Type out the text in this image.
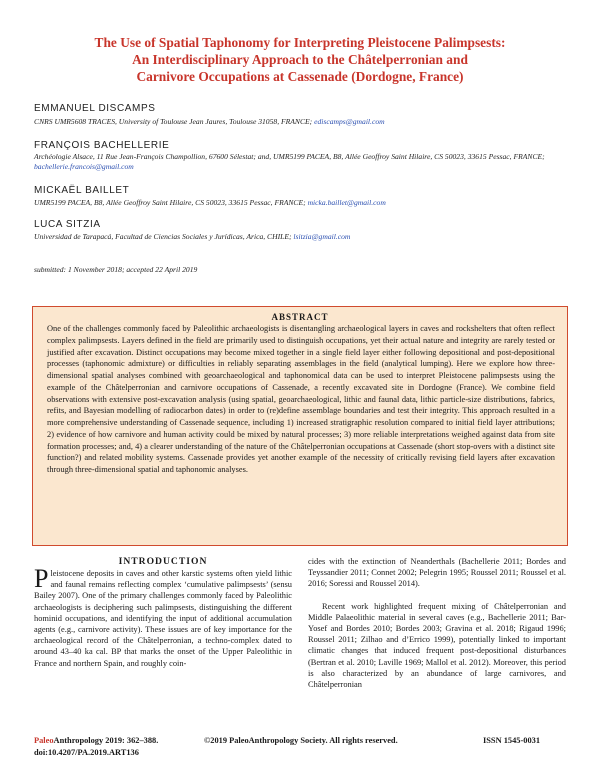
The Use of Spatial Taphonomy for Interpreting Pleistocene Palimpsests:
An Interdisciplinary Approach to the Châtelperronian and
Carnivore Occupations at Cassenade (Dordogne, France)
EMMANUEL DISCAMPS
CNRS UMR5608 TRACES, University of Toulouse Jean Jaures, Toulouse 31058, FRANCE; ediscamps@gmail.com
FRANÇOIS BACHELLERIE
Archéologie Alsace, 11 Rue Jean-François Champollion, 67600 Sélestat; and, UMR5199 PACEA, B8, Allée Geoffroy Saint Hilaire, CS 50023, 33615 Pessac, FRANCE; bachellerie.francois@gmail.com
MICKAËL BAILLET
UMR5199 PACEA, B8, Allée Geoffroy Saint Hilaire, CS 50023, 33615 Pessac, FRANCE; micka.baillet@gmail.com
LUCA SITZIA
Universidad de Tarapacá, Facultad de Ciencias Sociales y Jurídicas, Arica, CHILE; lsitzia@gmail.com
submitted: 1 November 2018; accepted 22 April 2019
ABSTRACT
One of the challenges commonly faced by Paleolithic archaeologists is disentangling archaeological layers in caves and rockshelters that often reflect complex palimpsests. Layers defined in the field are primarily used to distinguish occupations, yet their actual nature and integrity are rarely tested or justified after excavation. Distinct occupations may become mixed together in a single field layer either following depositional and post-depositional processes (taphonomic admixture) or difficulties in reliably separating assemblages in the field (analytical lumping). Here we explore how three-dimensional spatial analyses combined with geoarchaeological and taphonomical data can be used to interpret Pleistocene palimpsests using the example of the Châtelperronian and carnivore occupations of Cassenade, a recently excavated site in Dordogne (France). We combine field observations with extensive post-excavation analysis (using spatial, geoarchaeological, lithic and faunal data, lithic particle-size distributions, fabrics, refits, and Bayesian modelling of radiocarbon dates) in order to (re)define assemblage boundaries and test their integrity. This approach resulted in a more comprehensive understanding of Cassenade sequence, including 1) increased stratigraphic resolution compared to initial field layer attributions; 2) evidence of how carnivore and human activity could be mixed by natural processes; 3) more reliable interpretations weighed against data from site formation processes; and, 4) a clearer understanding of the nature of the Châtelperronian occupations at Cassenade (short stop-overs with a distinct site function?) and related mobility systems. Cassenade provides yet another example of the necessity of critically revising field layers after excavation through three-dimensional spatial and taphonomic analyses.
INTRODUCTION
Pleistocene deposits in caves and other karstic systems often yield lithic and faunal remains reflecting complex ‘cumulative palimpsests’ (sensu Bailey 2007). One of the primary challenges commonly faced by Paleolithic archaeologists is deciphering such palimpsests, distinguishing the different hominid occupations, and identifying the input of additional accumulation agents (e.g., carnivore activity). These issues are of key importance for the archaeological record of the Châtelperronian, a techno-complex dated to around 43–40 ka cal. BP that marks the onset of the Upper Paleolithic in France and northern Spain, and roughly coin-
cides with the extinction of Neanderthals (Bachellerie 2011; Bordes and Teyssandier 2011; Connet 2002; Pelegrin 1995; Roussel 2011; Roussel et al. 2016; Soressi and Roussel 2014).
Recent work highlighted frequent mixing of Châtelperronian and Middle Palaeolithic material in several caves (e.g., Bachellerie 2011; Bar-Yosef and Bordes 2010; Bordes 2003; Gravina et al. 2018; Rigaud 1996; Roussel 2011; Zilhao and d’Errico 1999), potentially linked to important climatic changes that induced frequent post-depositional disturbances (Bertran et al. 2010; Laville 1969; Mallol et al. 2012). Moreover, this period is also characterized by an abundance of large carnivores, and Châtelperronian
PaleoAnthropology 2019: 362–388.
doi:10.4207/PA.2019.ART136
©2019 PaleoAnthropology Society. All rights reserved.	ISSN 1545-0031
